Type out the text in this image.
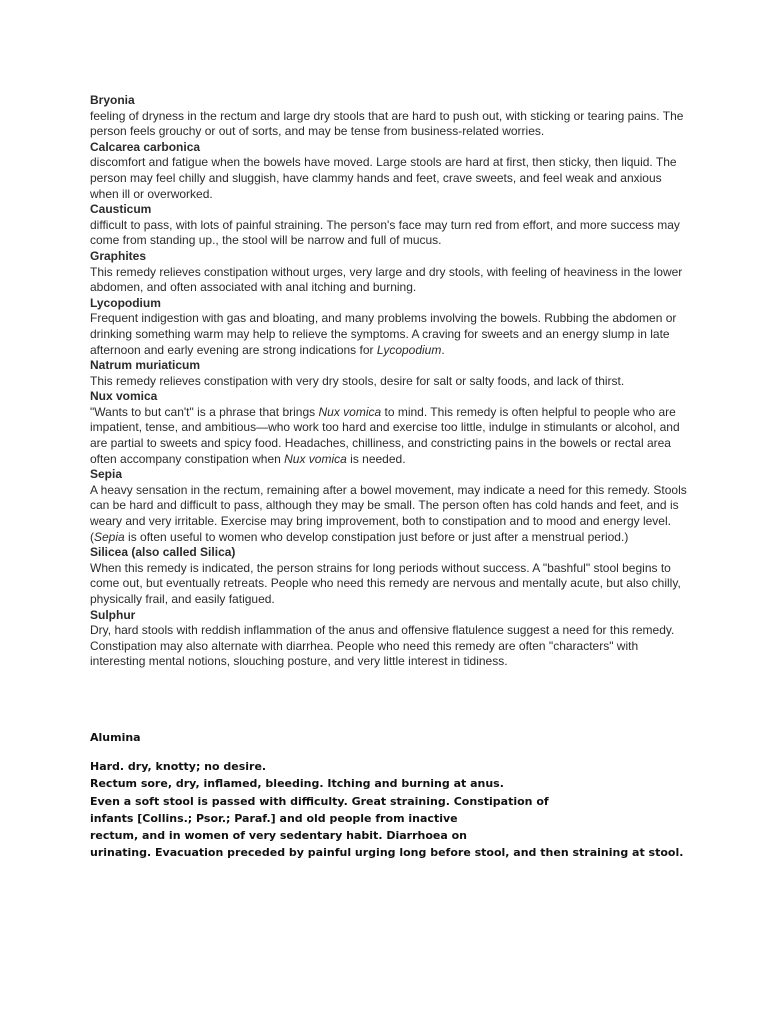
Bryonia
feeling of dryness in the rectum and large dry stools that are hard to push out, with sticking or tearing pains. The person feels grouchy or out of sorts, and may be tense from business-related worries.
Calcarea carbonica
discomfort and fatigue when the bowels have moved. Large stools are hard at first, then sticky, then liquid. The person may feel chilly and sluggish, have clammy hands and feet, crave sweets, and feel weak and anxious when ill or overworked.
Causticum
difficult to pass, with lots of painful straining. The person's face may turn red from effort, and more success may come from standing up., the stool will be narrow and full of mucus.
Graphites
This remedy relieves constipation without urges, very large and dry stools, with feeling of heaviness in the lower abdomen, and often associated with anal itching and burning.
Lycopodium
Frequent indigestion with gas and bloating, and many problems involving the bowels. Rubbing the abdomen or drinking something warm may help to relieve the symptoms. A craving for sweets and an energy slump in late afternoon and early evening are strong indications for Lycopodium.
Natrum muriaticum
This remedy relieves constipation with very dry stools, desire for salt or salty foods, and lack of thirst.
Nux vomica
"Wants to but can't" is a phrase that brings Nux vomica to mind. This remedy is often helpful to people who are impatient, tense, and ambitious—who work too hard and exercise too little, indulge in stimulants or alcohol, and are partial to sweets and spicy food. Headaches, chilliness, and constricting pains in the bowels or rectal area often accompany constipation when Nux vomica is needed.
Sepia
A heavy sensation in the rectum, remaining after a bowel movement, may indicate a need for this remedy. Stools can be hard and difficult to pass, although they may be small. The person often has cold hands and feet, and is weary and very irritable. Exercise may bring improvement, both to constipation and to mood and energy level. (Sepia is often useful to women who develop constipation just before or just after a menstrual period.)
Silicea (also called Silica)
When this remedy is indicated, the person strains for long periods without success. A "bashful" stool begins to come out, but eventually retreats. People who need this remedy are nervous and mentally acute, but also chilly, physically frail, and easily fatigued.
Sulphur
Dry, hard stools with reddish inflammation of the anus and offensive flatulence suggest a need for this remedy. Constipation may also alternate with diarrhea. People who need this remedy are often "characters" with interesting mental notions, slouching posture, and very little interest in tidiness.
Alumina
Hard. dry, knotty; no desire.
Rectum sore, dry, inflamed, bleeding. Itching and burning at anus.
Even a soft stool is passed with difficulty. Great straining. Constipation of
infants [Collins.; Psor.; Paraf.] and old people from inactive
rectum, and in women of very sedentary habit. Diarrhoea on
urinating. Evacuation preceded by painful urging long before stool, and then straining at stool.
